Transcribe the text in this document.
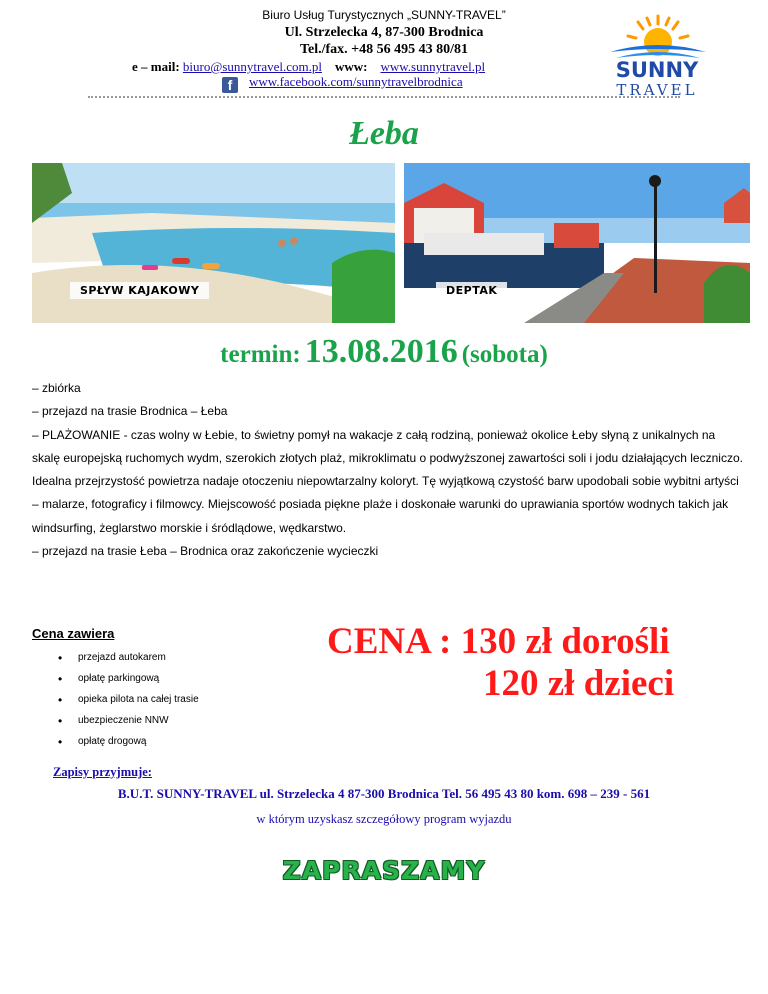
Biuro Usług Turystycznych „SUNNY-TRAVEL”
Ul. Strzelecka 4, 87-300 Brodnica
Tel./fax. +48 56 495 43 80/81
e – mail: biuro@sunnytravel.com.pl www: www.sunnytravel.pl
f	www.facebook.com/sunnytravelbrodnica	SUNNY
TRAVEL
Łeba
SPŁYW KAJAKOWY	DEPTAK
termin: 13.08.2016 (sobota)

– zbiórka

– przejazd na trasie Brodnica – Łeba

– PLAŻOWANIE - czas wolny w Łebie, to świetny pomył na wakacje z całą rodziną, ponieważ okolice Łeby słyną z unikalnych na skalę europejską ruchomych wydm, szerokich złotych plaż, mikroklimatu o podwyższonej zawartości soli i jodu działających leczniczo. Idealna przejrzystość powietrza nadaje otoczeniu niepowtarzalny koloryt. Tę wyjątkową czystość barw upodobali sobie wybitni artyści – malarze, fotograficy i filmowcy. Miejscowość posiada piękne plaże i doskonałe warunki do uprawiania sportów wodnych takich jak windsurfing, żeglarstwo morskie i śródlądowe, wędkarstwo.

– przejazd na trasie Łeba – Brodnica oraz zakończenie wycieczki

Cena zawiera
• przejazd autokarem
• opłatę parkingową
• opieka pilota na całej trasie
• ubezpieczenie NNW
• opłatę drogową
CENA : 130 zł dorośli
120 zł dzieci
Zapisy przyjmuje:
B.U.T. SUNNY-TRAVEL ul. Strzelecka 4 87-300 Brodnica Tel. 56 495 43 80 kom. 698 – 239 - 561
w którym uzyskasz szczegółowy program wyjazdu
ZAPRASZAMY
